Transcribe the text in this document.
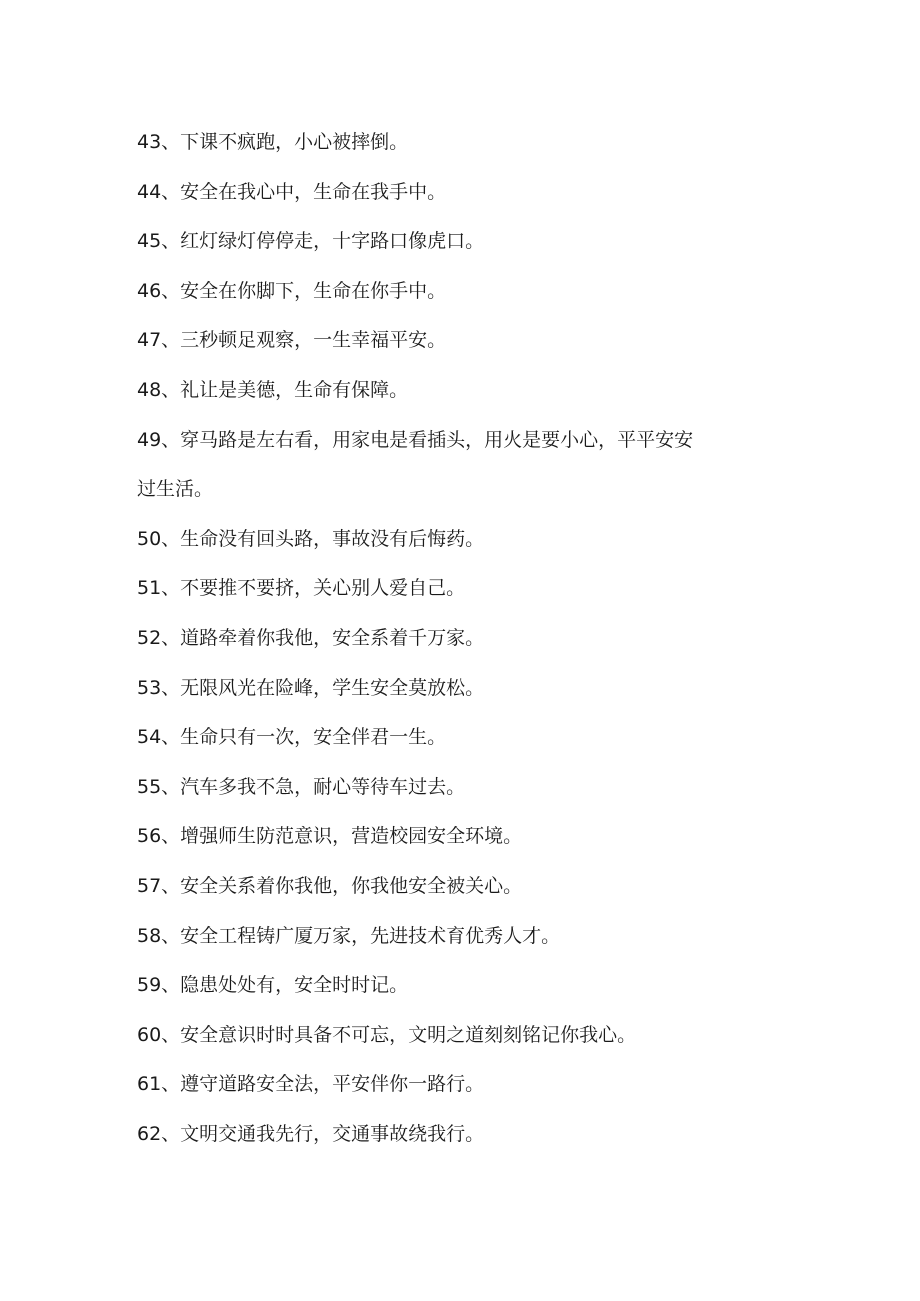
43、下课不疯跑，小心被摔倒。

44、安全在我心中，生命在我手中。

45、红灯绿灯停停走，十字路口像虎口。

46、安全在你脚下，生命在你手中。

47、三秒顿足观察，一生幸福平安。

48、礼让是美德，生命有保障。

49、穿马路是左右看，用家电是看插头，用火是要小心，平平安安

过生活。

50、生命没有回头路，事故没有后悔药。

51、不要推不要挤，关心别人爱自己。

52、道路牵着你我他，安全系着千万家。

53、无限风光在险峰，学生安全莫放松。

54、生命只有一次，安全伴君一生。

55、汽车多我不急，耐心等待车过去。

56、增强师生防范意识，营造校园安全环境。

57、安全关系着你我他，你我他安全被关心。

58、安全工程铸广厦万家，先进技术育优秀人才。

59、隐患处处有，安全时时记。

60、安全意识时时具备不可忘，文明之道刻刻铭记你我心。

61、遵守道路安全法，平安伴你一路行。

62、文明交通我先行，交通事故绕我行。
